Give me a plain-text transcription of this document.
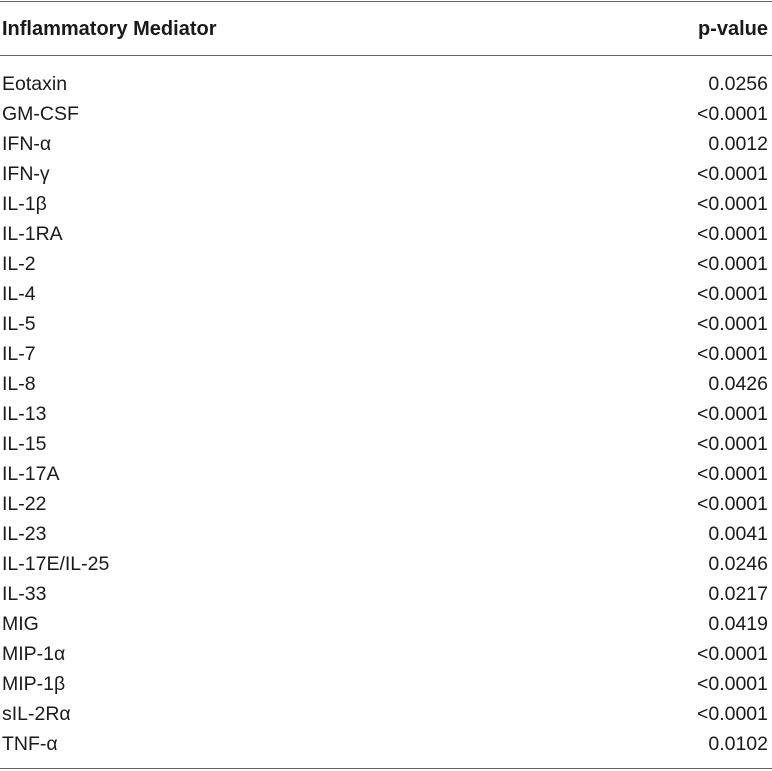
Inflammatory Mediator	p-value
Eotaxin	0.0256
GM-CSF	<0.0001
IFN-α	0.0012
IFN-γ	<0.0001
IL-1β	<0.0001
IL-1RA	<0.0001
IL-2	<0.0001
IL-4	<0.0001
IL-5	<0.0001
IL-7	<0.0001
IL-8	0.0426
IL-13	<0.0001
IL-15	<0.0001
IL-17A	<0.0001
IL-22	<0.0001
IL-23	0.0041
IL-17E/IL-25	0.0246
IL-33	0.0217
MIG	0.0419
MIP-1α	<0.0001
MIP-1β	<0.0001
sIL-2Rα	<0.0001
TNF-α	0.0102
